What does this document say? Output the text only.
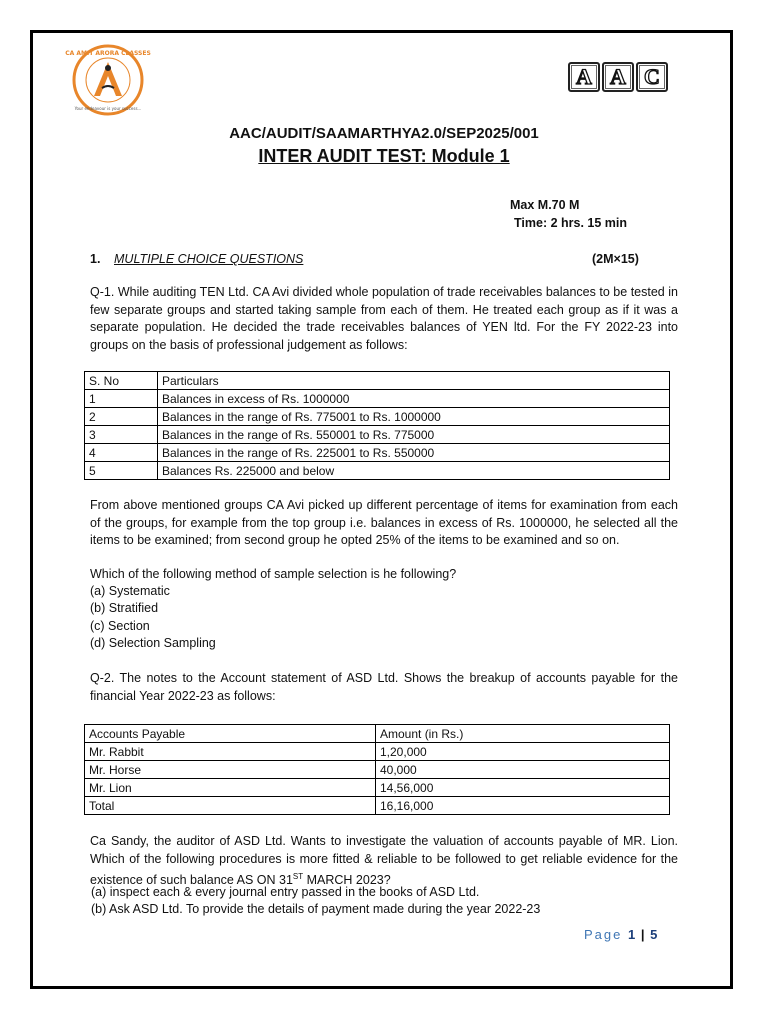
CA AMIT ARORA CLASSES
Your endeavour is your success...
A A C
AAC/AUDIT/SAAMARTHYA2.0/SEP2025/001
INTER AUDIT TEST: Module 1
Max M.70 M
Time: 2 hrs. 15 min
1. MULTIPLE CHOICE QUESTIONS	(2M×15)
Q-1. While auditing TEN Ltd. CA Avi divided whole population of trade receivables balances to be tested in few separate groups and started taking sample from each of them. He treated each group as if it was a separate population. He decided the trade receivables balances of YEN ltd. For the FY 2022-23 into groups on the basis of professional judgement as follows:
S. No	Particulars
1	Balances in excess of Rs. 1000000
2	Balances in the range of Rs. 775001 to Rs. 1000000
3	Balances in the range of Rs. 550001 to Rs. 775000
4	Balances in the range of Rs. 225001 to Rs. 550000
5	Balances Rs. 225000 and below
From above mentioned groups CA Avi picked up different percentage of items for examination from each of the groups, for example from the top group i.e. balances in excess of Rs. 1000000, he selected all the items to be examined; from second group he opted 25% of the items to be examined and so on.
Which of the following method of sample selection is he following?
(a) Systematic
(b) Stratified
(c) Section
(d) Selection Sampling
Q-2. The notes to the Account statement of ASD Ltd. Shows the breakup of accounts payable for the financial Year 2022-23 as follows:
Accounts Payable	Amount (in Rs.)
Mr. Rabbit	1,20,000
Mr. Horse	40,000
Mr. Lion	14,56,000
Total	16,16,000
Ca Sandy, the auditor of ASD Ltd. Wants to investigate the valuation of accounts payable of MR. Lion. Which of the following procedures is more fitted & reliable to be followed to get reliable evidence for the existence of such balance AS ON 31ST MARCH 2023?
(a) inspect each & every journal entry passed in the books of ASD Ltd.
(b) Ask ASD Ltd. To provide the details of payment made during the year 2022-23
Page 1 | 5
